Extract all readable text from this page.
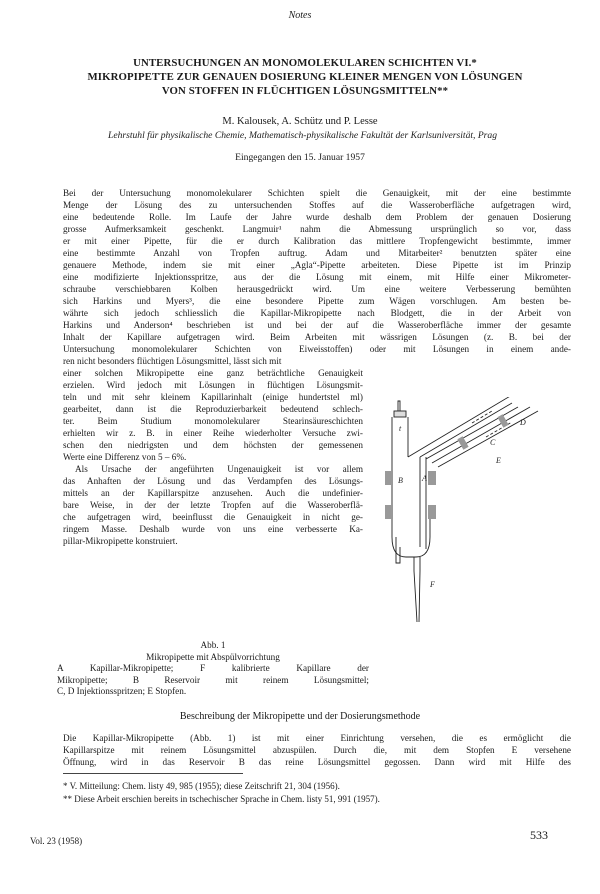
Notes
UNTERSUCHUNGEN AN MONOMOLEKULAREN SCHICHTEN VI.*
MIKROPIPETTE ZUR GENAUEN DOSIERUNG KLEINER MENGEN VON LÖSUNGEN
VON STOFFEN IN FLÜCHTIGEN LÖSUNGSMITTELN**
M. Kalousek, A. Schütz und P. Lesse
Lehrstuhl für physikalische Chemie, Mathematisch-physikalische Fakultät der Karlsuniversität, Prag
Eingegangen den 15. Januar 1957
Bei der Untersuchung monomolekularer Schichten spielt die Genauigkeit, mit der eine bestimmte
Menge der Lösung des zu untersuchenden Stoffes auf die Wasseroberfläche aufgetragen wird,
eine bedeutende Rolle. Im Laufe der Jahre wurde deshalb dem Problem der genauen Dosierung
grosse Aufmerksamkeit geschenkt. Langmuir¹ nahm die Abmessung ursprünglich so vor, dass
er mit einer Pipette, für die er durch Kalibration das mittlere Tropfengewicht bestimmte, immer
eine bestimmte Anzahl von Tropfen auftrug. Adam und Mitarbeiter² benutzten später eine
genauere Methode, indem sie mit einer „Agla“-Pipette arbeiteten. Diese Pipette ist im Prinzip
eine modifizierte Injektionsspritze, aus der die Lösung mit einem, mit Hilfe einer Mikrometer-
schraube verschiebbaren Kolben herausgedrückt wird. Um eine weitere Verbesserung bemühten
sich Harkins und Myers³, die eine besondere Pipette zum Wägen vorschlugen. Am besten be-
währte sich jedoch schliesslich die Kapillar-Mikropipette nach Blodgett, die in der Arbeit von
Harkins und Anderson⁴ beschrieben ist und bei der auf die Wasseroberfläche immer der gesamte
Inhalt der Kapillare aufgetragen wird. Beim Arbeiten mit wässrigen Lösungen (z. B. bei der
Untersuchung monomolekularer Schichten von Eiweisstoffen) oder mit Lösungen in einem ande-
ren nicht besonders flüchtigen Lösungsmittel, lässt sich mit
einer solchen Mikropipette eine ganz beträchtliche Genauigkeit
erzielen. Wird jedoch mit Lösungen in flüchtigen Lösungsmit-
teln und mit sehr kleinem Kapillarinhalt (einige hundertstel ml)
gearbeitet, dann ist die Reproduzierbarkeit bedeutend schlech-
ter. Beim Studium monomolekularer Stearinsäureschichten
erhielten wir z. B. in einer Reihe wiederholter Versuche zwi-
schen den niedrigsten und dem höchsten der gemessenen
Werte eine Differenz von 5 – 6%.
Als Ursache der angeführten Ungenauigkeit ist vor allem
das Anhaften der Lösung und das Verdampfen des Lösungs-
mittels an der Kapillarspitze anzusehen. Auch die undefinier-
bare Weise, in der der letzte Tropfen auf die Wasseroberflä-
che aufgetragen wird, beeinflusst die Genauigkeit in nicht ge-
ringem Masse. Deshalb wurde von uns eine verbesserte Ka-
pillar-Mikropipette konstruiert.
t
C
D
E
B A
F
Abb. 1
Mikropipette mit Abspülvorrichtung
A Kapillar-Mikropipette; F kalibrierte Kapillare der
Mikropipette; B Reservoir mit reinem Lösungsmittel;
C, D Injektionsspritzen; E Stopfen.
Beschreibung der Mikropipette und der Dosierungsmethode
Die Kapillar-Mikropipette (Abb. 1) ist mit einer Einrichtung versehen, die es ermöglicht die
Kapillarspitze mit reinem Lösungsmittel abzuspülen. Durch die, mit dem Stopfen E versehene
Öffnung, wird in das Reservoir B das reine Lösungsmittel gegossen. Dann wird mit Hilfe des
* V. Mitteilung: Chem. listy 49, 985 (1955); diese Zeitschrift 21, 304 (1956).
** Diese Arbeit erschien bereits in tschechischer Sprache in Chem. listy 51, 991 (1957).
Vol. 23 (1958)	533
